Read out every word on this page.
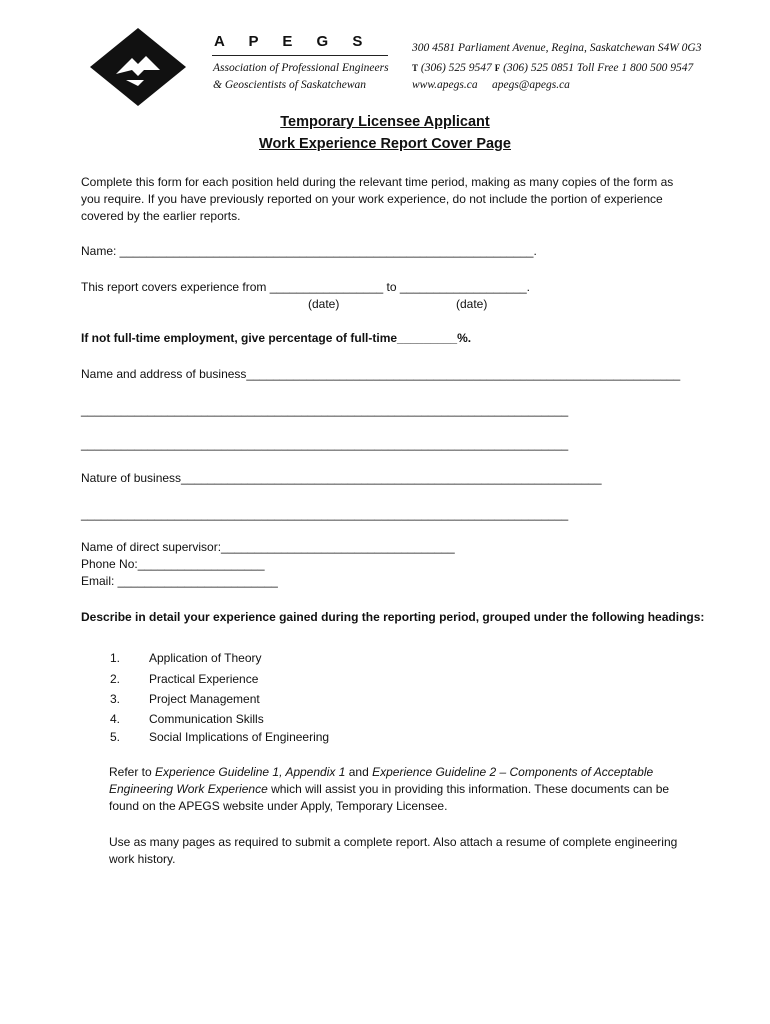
A P E G S
Association of Professional Engineers
& Geoscientists of Saskatchewan
300 4581 Parliament Avenue, Regina, Saskatchewan S4W 0G3
T (306) 525 9547 F (306) 525 0851 Toll Free 1 800 500 9547
www.apegs.ca apegs@apegs.ca
Temporary Licensee Applicant
Work Experience Report Cover Page
Complete this form for each position held during the relevant time period, making as many copies of the form as
you require. If you have previously reported on your work experience, do not include the portion of experience
covered by the earlier reports.
Name: ______________________________________________________________.
This report covers experience from _________________ to ___________________.
(date)	(date)
If not full-time employment, give percentage of full-time_________%.
Name and address of business_________________________________________________________________
_________________________________________________________________________
_________________________________________________________________________
Nature of business_______________________________________________________________
_________________________________________________________________________
Name of direct supervisor:___________________________________
Phone No:___________________
Email: ________________________
Describe in detail your experience gained during the reporting period, grouped under the following headings:
1. Application of Theory
2. Practical Experience
3. Project Management
4. Communication Skills
5. Social Implications of Engineering
Refer to Experience Guideline 1, Appendix 1 and Experience Guideline 2 – Components of Acceptable
Engineering Work Experience which will assist you in providing this information. These documents can be
found on the APEGS website under Apply, Temporary Licensee.
Use as many pages as required to submit a complete report. Also attach a resume of complete engineering
work history.
